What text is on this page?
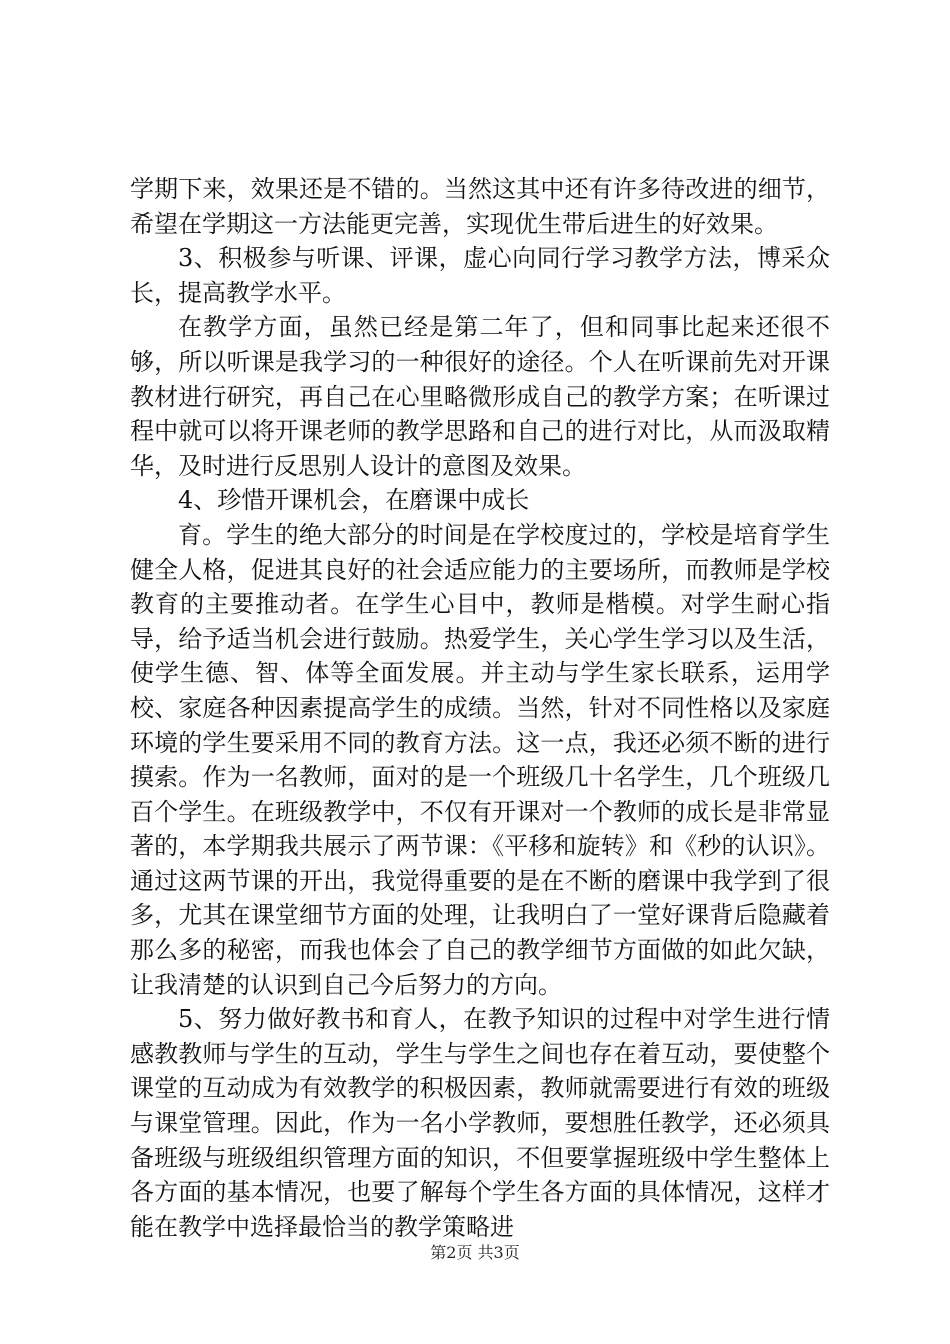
学期下来，效果还是不错的。当然这其中还有许多待改进的细节，希望在学期这一方法能更完善，实现优生带后进生的好效果。

3、积极参与听课、评课，虚心向同行学习教学方法，博采众长，提高教学水平。

在教学方面，虽然已经是第二年了，但和同事比起来还很不够，所以听课是我学习的一种很好的途径。个人在听课前先对开课教材进行研究，再自己在心里略微形成自己的教学方案；在听课过程中就可以将开课老师的教学思路和自己的进行对比，从而汲取精华，及时进行反思别人设计的意图及效果。

4、珍惜开课机会，在磨课中成长

育。学生的绝大部分的时间是在学校度过的，学校是培育学生健全人格，促进其良好的社会适应能力的主要场所，而教师是学校教育的主要推动者。在学生心目中，教师是楷模。对学生耐心指导，给予适当机会进行鼓励。热爱学生，关心学生学习以及生活，使学生德、智、体等全面发展。并主动与学生家长联系，运用学校、家庭各种因素提高学生的成绩。当然，针对不同性格以及家庭环境的学生要采用不同的教育方法。这一点，我还必须不断的进行摸索。作为一名教师，面对的是一个班级几十名学生，几个班级几百个学生。在班级教学中，不仅有开课对一个教师的成长是非常显著的，本学期我共展示了两节课：《平移和旋转》和《秒的认识》。通过这两节课的开出，我觉得重要的是在不断的磨课中我学到了很多，尤其在课堂细节方面的处理，让我明白了一堂好课背后隐藏着那么多的秘密，而我也体会了自己的教学细节方面做的如此欠缺，让我清楚的认识到自己今后努力的方向。

5、努力做好教书和育人，在教予知识的过程中对学生进行情感教教师与学生的互动，学生与学生之间也存在着互动，要使整个课堂的互动成为有效教学的积极因素，教师就需要进行有效的班级与课堂管理。因此，作为一名小学教师，要想胜任教学，还必须具备班级与班级组织管理方面的知识，不但要掌握班级中学生整体上各方面的基本情况，也要了解每个学生各方面的具体情况，这样才能在教学中选择最恰当的教学策略进

第2页 共3页
